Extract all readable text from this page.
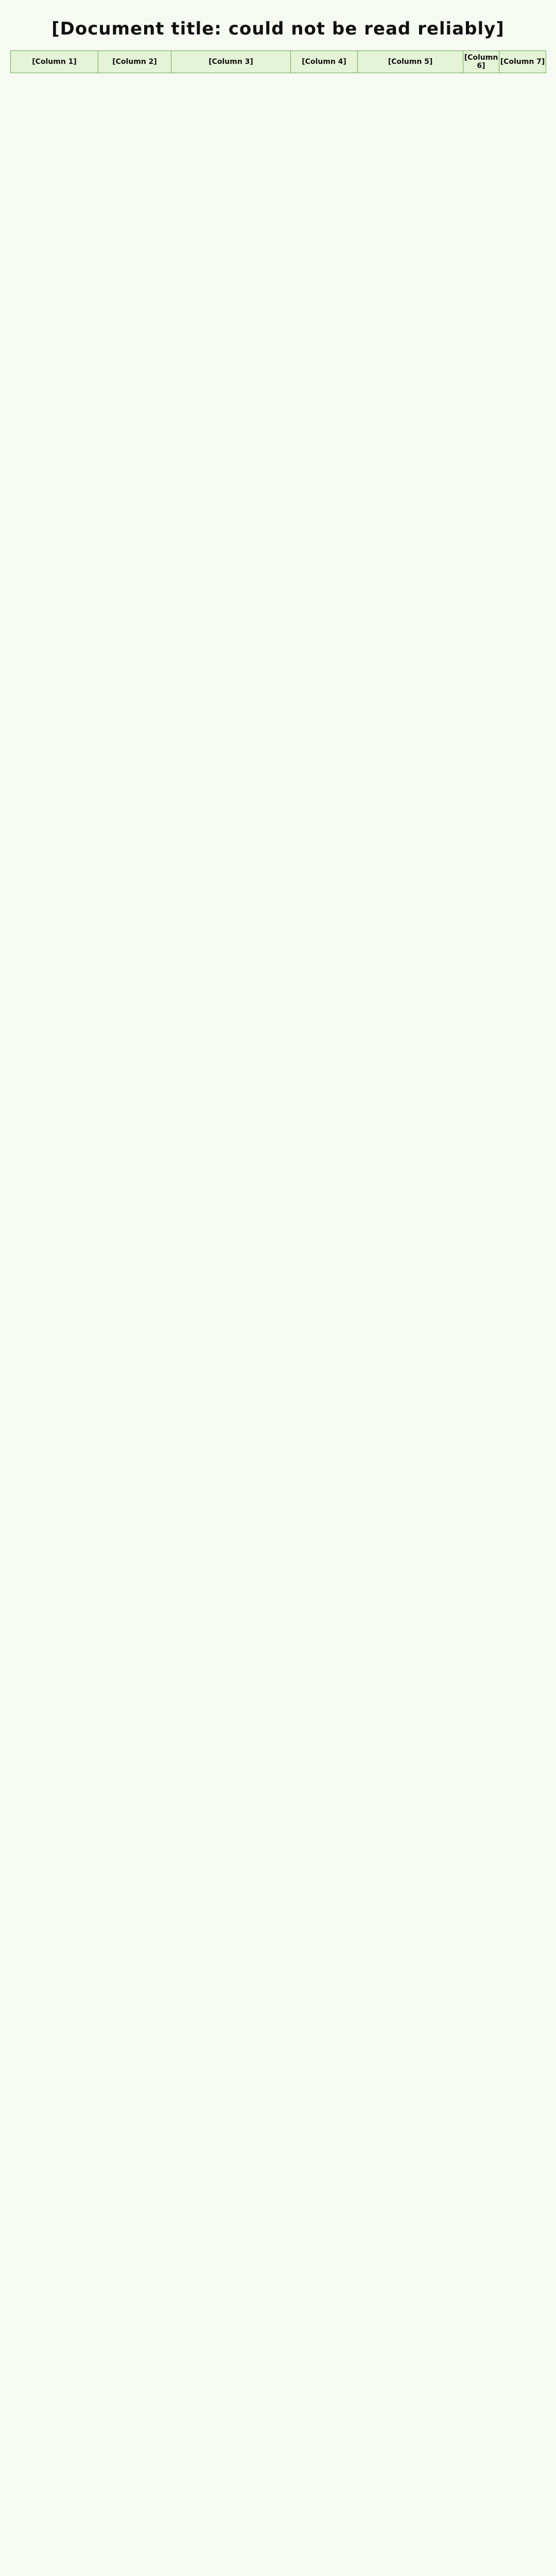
[Document title: could not be read reliably]
[Column 1]	[Column 2]	[Column 3]	[Column 4]	[Column 5]	[Column 6]	[Column 7]
